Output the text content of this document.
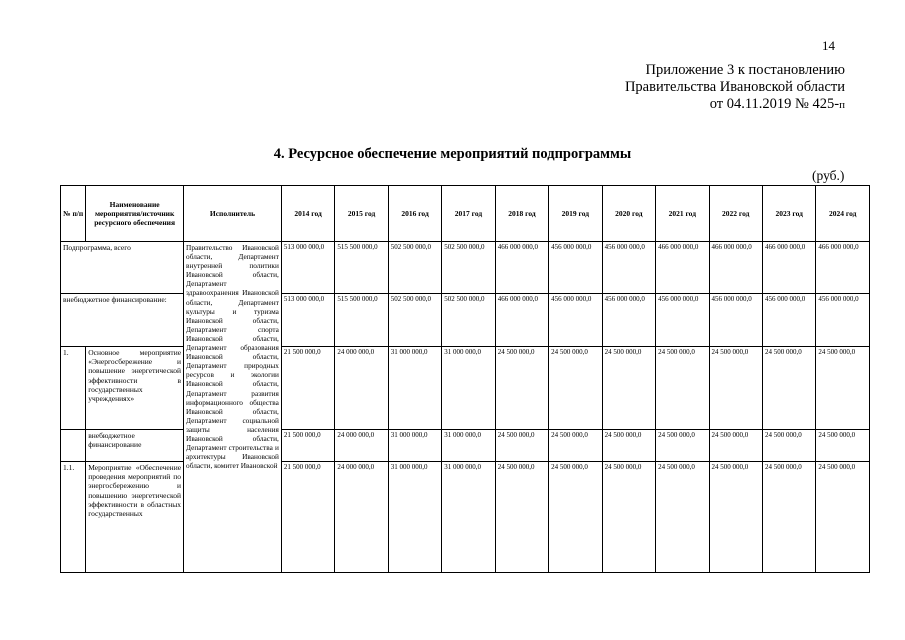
14
Приложение 3 к постановлению
Правительства Ивановской области
от 04.11.2019 № 425-п
4. Ресурсное обеспечение мероприятий подпрограммы
(руб.)
№ п/п	Наименование мероприятия/источник ресурсного обеспечения	Исполнитель	2014 год	2015 год	2016 год	2017 год	2018 год	2019 год	2020 год	2021 год	2022 год	2023 год	2024 год
Подпрограмма, всего		Правительство Ивановской области, Департамент внутренней политики Ивановской области, Департамент здравоохранения Ивановской области, Департамент культуры и туризма Ивановской области, Департамент спорта Ивановской области, Департамент образования Ивановской области, Департамент природных ресурсов и экологии Ивановской области, Департамент развития информационного общества Ивановской области, Департамент социальной защиты населения Ивановской области, Департамент строительства и архитектуры Ивановской области, комитет Ивановской	513 000 000,0	515 500 000,0	502 500 000,0	502 500 000,0	466 000 000,0	456 000 000,0	456 000 000,0	466 000 000,0	466 000 000,0	466 000 000,0	466 000 000,0
внебюджетное финансирование:			513 000 000,0	515 500 000,0	502 500 000,0	502 500 000,0	466 000 000,0	456 000 000,0	456 000 000,0	456 000 000,0	456 000 000,0	456 000 000,0	456 000 000,0
1.	Основное мероприятие «Энергосбережение и повышение энергетической эффективности в государственных учреждениях»		21 500 000,0	24 000 000,0	31 000 000,0	31 000 000,0	24 500 000,0	24 500 000,0	24 500 000,0	24 500 000,0	24 500 000,0	24 500 000,0	24 500 000,0
	внебюджетное финансирование		21 500 000,0	24 000 000,0	31 000 000,0	31 000 000,0	24 500 000,0	24 500 000,0	24 500 000,0	24 500 000,0	24 500 000,0	24 500 000,0	24 500 000,0
1.1.	Мероприятие «Обеспечение проведения мероприятий по энергосбережению и повышению энергетической эффективности в областных государственных		21 500 000,0	24 000 000,0	31 000 000,0	31 000 000,0	24 500 000,0	24 500 000,0	24 500 000,0	24 500 000,0	24 500 000,0	24 500 000,0	24 500 000,0
